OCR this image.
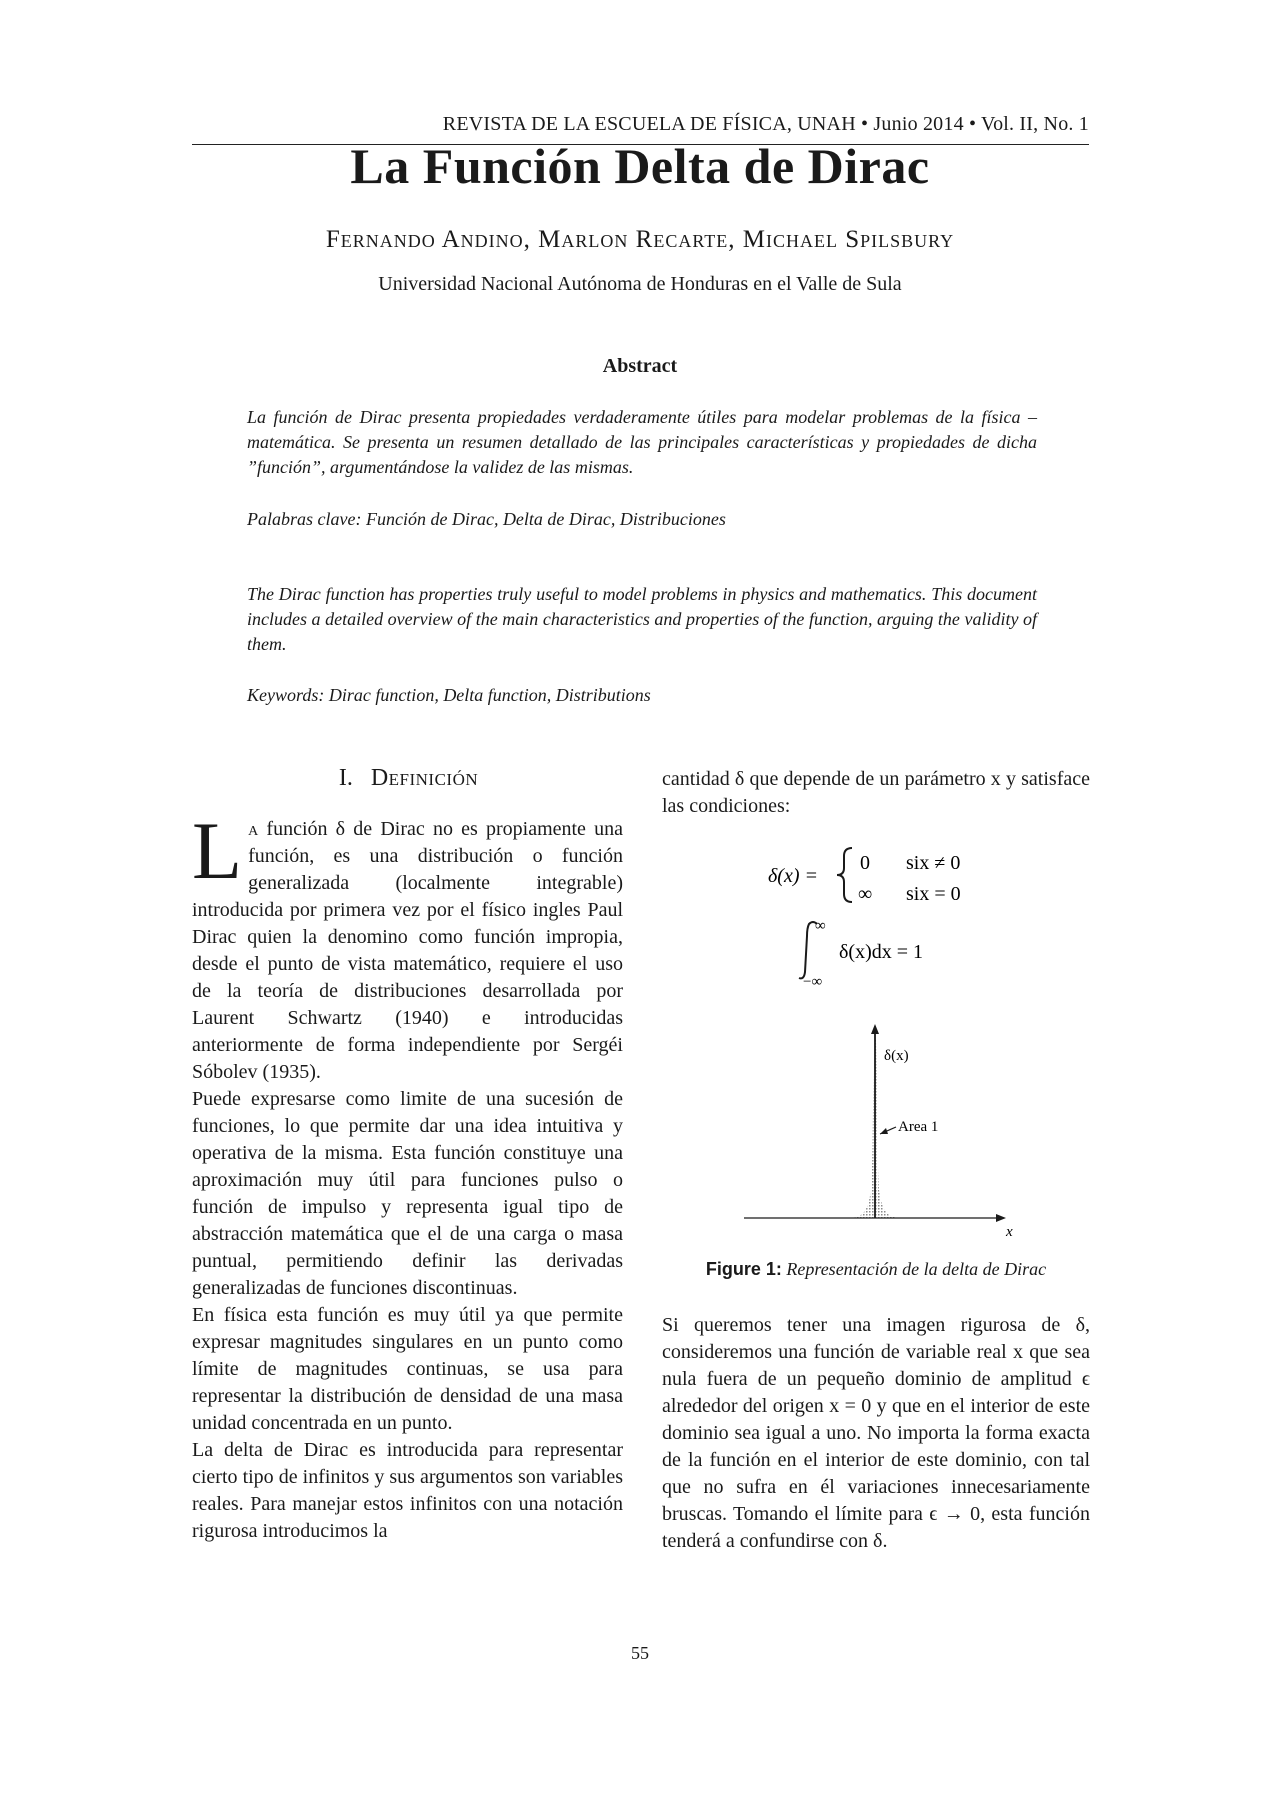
REVISTA DE LA ESCUELA DE FÍSICA, UNAH • Junio 2014 • Vol. II, No. 1
La Función Delta de Dirac
Fernando Andino, Marlon Recarte, Michael Spilsbury
Universidad Nacional Autónoma de Honduras en el Valle de Sula
Abstract
La función de Dirac presenta propiedades verdaderamente útiles para modelar problemas de la física – matemática. Se presenta un resumen detallado de las principales características y propiedades de dicha ”función”, argumentándose la validez de las mismas.
Palabras clave: Función de Dirac, Delta de Dirac, Distribuciones
The Dirac function has properties truly useful to model problems in physics and mathematics. This document includes a detailed overview of the main characteristics and properties of the function, arguing the validity of them.
Keywords: Dirac function, Delta function, Distributions
I. Definición

La función δ de Dirac no es propiamente una función, es una distribución o función generalizada (localmente integrable) introducida por primera vez por el físico ingles Paul Dirac quien la denomino como función impropia, desde el punto de vista matemático, requiere el uso de la teoría de distribuciones desarrollada por Laurent Schwartz (1940) e introducidas anteriormente de forma independiente por Sergéi Sóbolev (1935).

Puede expresarse como limite de una sucesión de funciones, lo que permite dar una idea intuitiva y operativa de la misma. Esta función constituye una aproximación muy útil para funciones pulso o función de impulso y representa igual tipo de abstracción matemática que el de una carga o masa puntual, permitiendo definir las derivadas generalizadas de funciones discontinuas.

En física esta función es muy útil ya que permite expresar magnitudes singulares en un punto como límite de magnitudes continuas, se usa para representar la distribución de densidad de una masa unidad concentrada en un punto.

La delta de Dirac es introducida para representar cierto tipo de infinitos y sus argumentos son variables reales. Para manejar estos infinitos con una notación rigurosa introducimos la

cantidad δ que depende de un parámetro x y satisface las condiciones:
δ(x) =
0 six ≠ 0
∞ six = 0
∞
−∞
δ(x)dx = 1
δ(x)
Area 1
x
Figure 1: Representación de la delta de Dirac
Si queremos tener una imagen rigurosa de δ, consideremos una función de variable real x que sea nula fuera de un pequeño dominio de amplitud ϵ alrededor del origen x = 0 y que en el interior de este dominio sea igual a uno. No importa la forma exacta de la función en el interior de este dominio, con tal que no sufra en él variaciones innecesariamente bruscas. Tomando el límite para ϵ → 0, esta función tenderá a confundirse con δ.
55
